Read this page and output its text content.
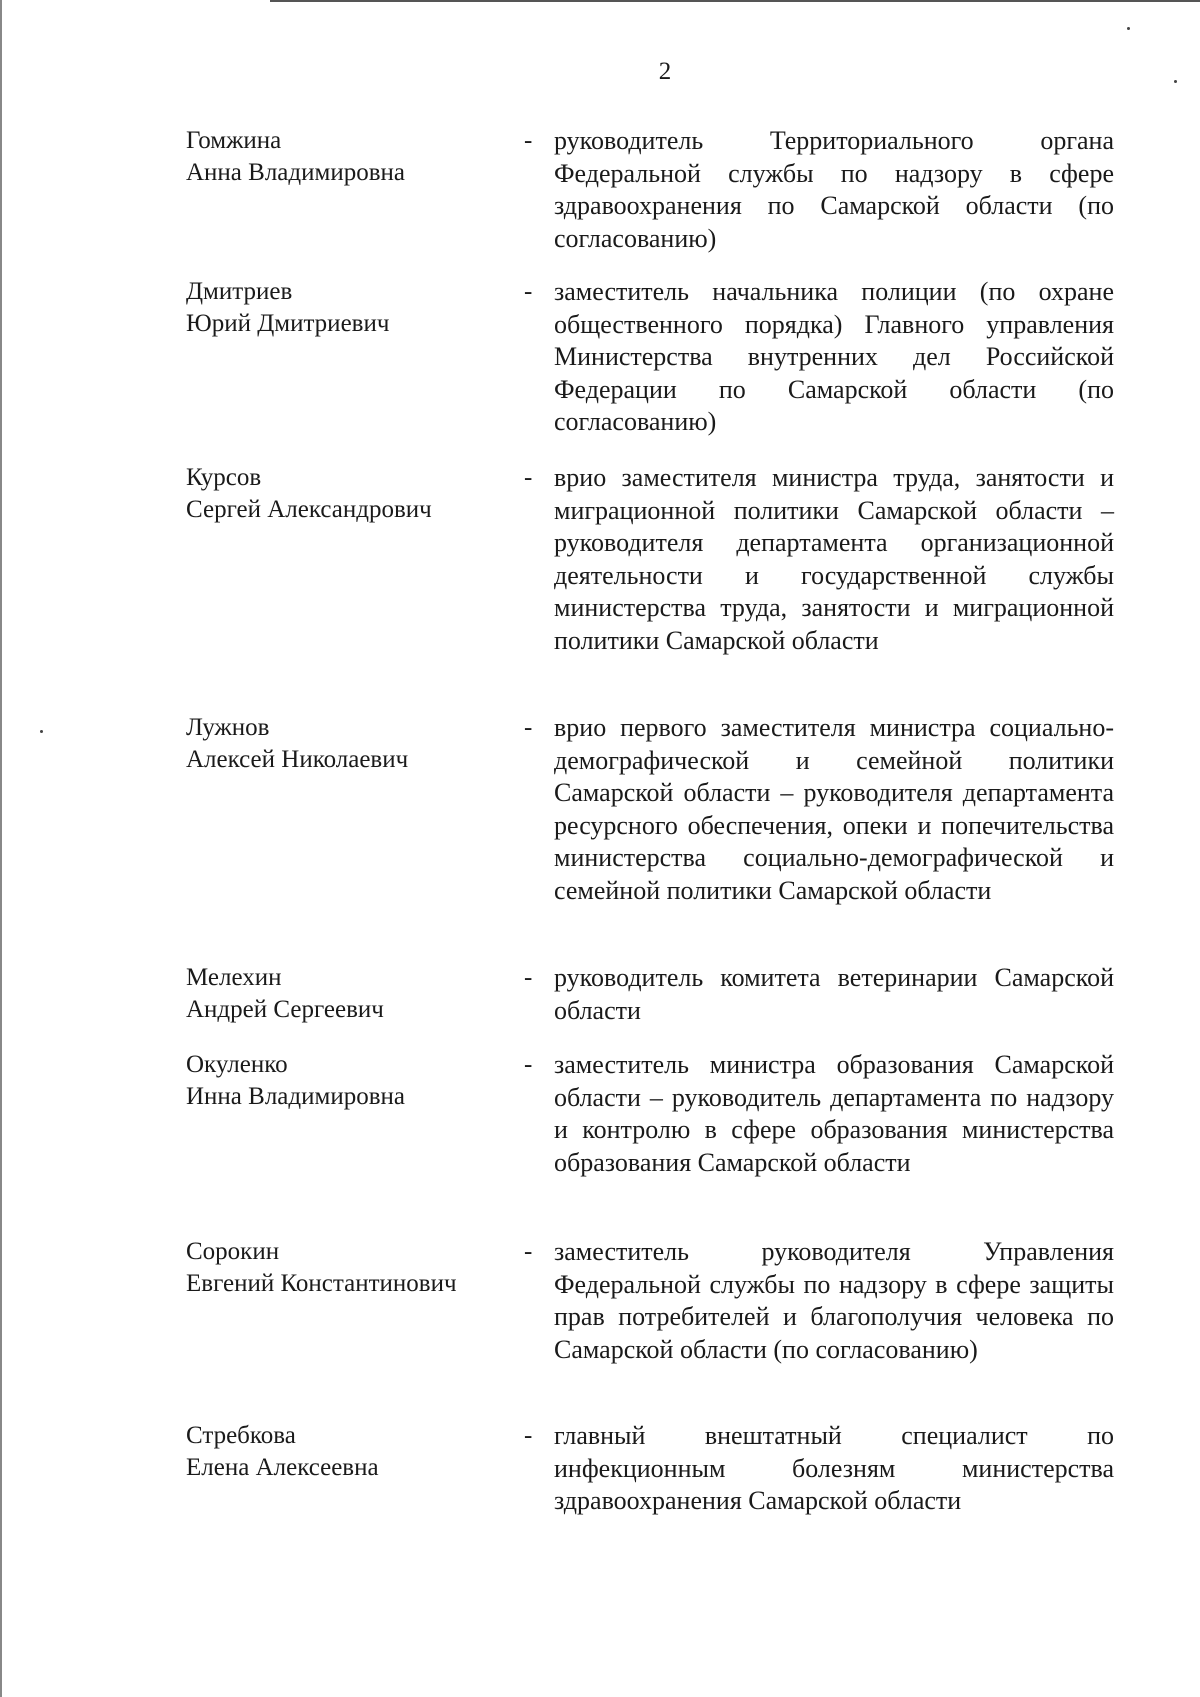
2
Гомжина
Анна Владимировна
- руководитель Территориального органа Федеральной службы по надзору в сфере здравоохранения по Самарской области (по согласованию)
Дмитриев
Юрий Дмитриевич
- заместитель начальника полиции (по охране общественного порядка) Главного управления Министерства внутренних дел Российской Федерации по Самарской области (по согласованию)
Курсов
Сергей Александрович
- врио заместителя министра труда, занятости и миграционной политики Самарской области – руководителя департамента организационной деятельности и государственной службы министерства труда, занятости и миграционной политики Самарской области
Лужнов
Алексей Николаевич
- врио первого заместителя министра социально-демографической и семейной политики Самарской области – руководителя департамента ресурсного обеспечения, опеки и попечительства министерства социально-демографической и семейной политики Самарской области
Мелехин
Андрей Сергеевич
- руководитель комитета ветеринарии Самарской области
Окуленко
Инна Владимировна
- заместитель министра образования Самарской области – руководитель департамента по надзору и контролю в сфере образования министерства образования Самарской области
Сорокин
Евгений Константинович
- заместитель руководителя Управления Федеральной службы по надзору в сфере защиты прав потребителей и благополучия человека по Самарской области (по согласованию)
Стребкова
Елена Алексеевна
- главный внештатный специалист по инфекционным болезням министерства здравоохранения Самарской области
